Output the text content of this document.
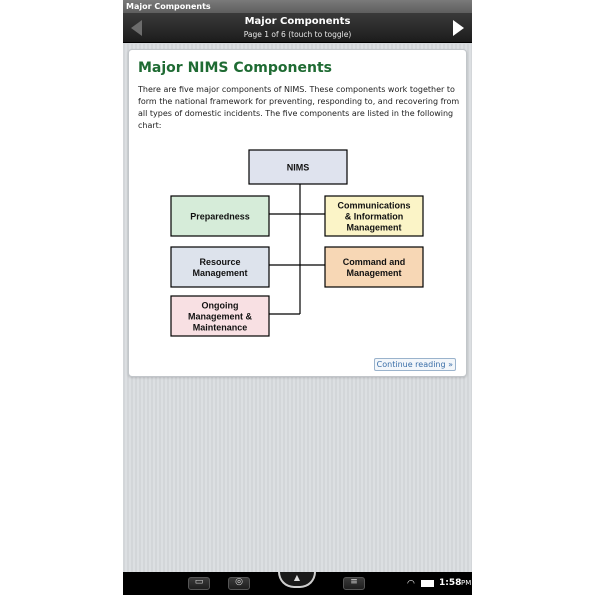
Major Components
Major Components
Page 1 of 6 (touch to toggle)
Major NIMS Components
There are five major components of NIMS. These components work together to form the national framework for preventing, responding to, and recovering from all types of domestic incidents. The five components are listed in the following chart:
NIMS
Preparedness
Resource Management
Ongoing Management & Maintenance
Communications & Information Management
Command and Management
Continue reading »
▭	◎	▲	≡	◠	1:58 PM
